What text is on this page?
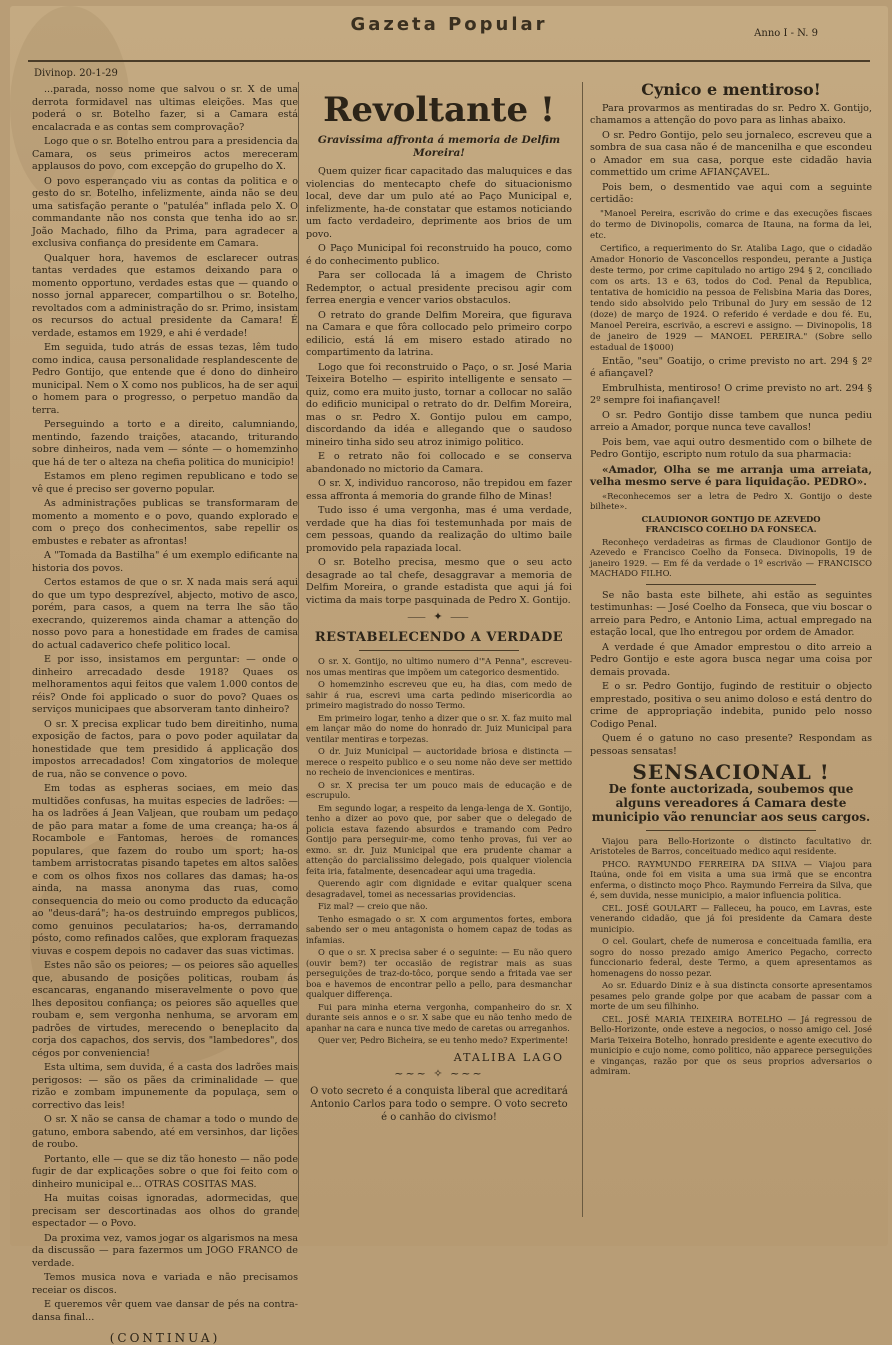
Gazeta Popular	Anno I - N. 9
Divinop. 20-1-29

...parada, nosso nome que salvou o sr. X de uma derrota formidavel nas ultimas eleições. Mas que poderá o sr. Botelho fazer, si a Camara está encalacrada e as contas sem comprovação?

Logo que o sr. Botelho entrou para a presidencia da Camara, os seus primeiros actos mereceram applausos do povo, com excepção do grupelho do X.

O povo esperançado viu as contas da politica e o gesto do sr. Botelho, infelizmente, ainda não se deu uma satisfação perante o "patuléa" inflada pelo X. O commandante não nos consta que tenha ido ao sr. João Machado, filho da Prima, para agradecer a exclusiva confiança do presidente em Camara.

Qualquer hora, havemos de esclarecer outras tantas verdades que estamos deixando para o momento opportuno, verdades estas que — quando o nosso jornal apparecer, compartilhou o sr. Botelho, revoltados com a administração do sr. Primo, insistam os recursos do actual presidente da Camara! É verdade, estamos em 1929, e ahi é verdade!

Em seguida, tudo atrás de essas tezas, lêm tudo como indica, causa personalidade resplandescente de Pedro Gontijo, que entende que é dono do dinheiro municipal. Nem o X como nos publicos, ha de ser aqui o homem para o progresso, o perpetuo mandão da terra.

Perseguindo a torto e a direito, calumniando, mentindo, fazendo traições, atacando, triturando sobre dinheiros, nada vem — sónte — o homemzinho que há de ter o alteza na chefia politica do municipio!

Estamos em pleno regimen republicano e todo se vê que é preciso ser governo popular.

As administrações publicas se transformaram de momento a momento e o povo, quando explorado e com o preço dos conhecimentos, sabe repellir os embustes e rebater as afrontas!

A "Tomada da Bastilha" é um exemplo edificante na historia dos povos.

Certos estamos de que o sr. X nada mais será aqui do que um typo desprezível, abjecto, motivo de asco, porém, para casos, a quem na terra lhe são tão execrando, quizeremos ainda chamar a attenção do nosso povo para a honestidade em frades de camisa do actual cadaverico chefe politico local.

E por isso, insistamos em perguntar: — onde o dinheiro arrecadado desde 1918? Quaes os melhoramentos aqui feitos que valem 1.000 contos de réis? Onde foi applicado o suor do povo? Quaes os serviços municipaes que absorveram tanto dinheiro?

O sr. X precisa explicar tudo bem direitinho, numa exposição de factos, para o povo poder aquilatar da honestidade que tem presidido á applicação dos impostos arrecadados! Com xingatorios de moleque de rua, não se convence o povo.

Em todas as espheras sociaes, em meio das multidões confusas, ha muitas especies de ladrões: — ha os ladrões á Jean Valjean, que roubam um pedaço de pão para matar a fome de uma creança; ha-os á Rocambole e Fantomas, heroes de romances populares, que fazem do roubo um sport; ha-os tambem arristocratas pisando tapetes em altos salões e com os olhos fixos nos collares das damas; ha-os ainda, na massa anonyma das ruas, como consequencia do meio ou como producto da educação ao "deus-dará"; ha-os destruindo empregos publicos, como genuinos peculatarios; ha-os, derramando pósto, como refinados calões, que exploram fraquezas viuvas e cospem depois no cadaver das suas victimas.

Estes não são os peiores; — os peiores são aquelles que, abusando de posições politicas, roubam ás escancaras, enganando miseravelmente o povo que lhes depositou confiança; os peiores são aquelles que roubam e, sem vergonha nenhuma, se arvoram em padrões de virtudes, merecendo o beneplacito da corja dos capachos, dos servis, dos "lambedores", dos cégos por conveniencia!

Esta ultima, sem duvida, é a casta dos ladrões mais perigosos: — são os pães da criminalidade — que rizão e zombam impunemente da populaça, sem o correctivo das leis!

O sr. X não se cansa de chamar a todo o mundo de gatuno, embora sabendo, até em versinhos, dar lições de roubo.

Portanto, elle — que se diz tão honesto — não pode fugir de dar explicações sobre o que foi feito com o dinheiro municipal e... OTRAS COSITAS MAS.

Ha muitas coisas ignoradas, adormecidas, que precisam ser descortinadas aos olhos do grande espectador — o Povo.

Da proxima vez, vamos jogar os algarismos na mesa da discussão — para fazermos um JOGO FRANCO de verdade.

Temos musica nova e variada e não precisamos receiar os discos.

E queremos vêr quem vae dansar de pés na contra-dansa final...

(CONTINUA)
Revoltante !
Gravissima affronta á memoria de Delfim Moreira!

Quem quizer ficar capacitado das maluquices e das violencias do mentecapto chefe do situacionismo local, deve dar um pulo até ao Paço Municipal e, infelizmente, ha-de constatar que estamos noticiando um facto verdadeiro, deprimente aos brios de um povo.

O Paço Municipal foi reconstruido ha pouco, como é do conhecimento publico.

Para ser collocada lá a imagem de Christo Redemptor, o actual presidente precisou agir com ferrea energia e vencer varios obstaculos.

O retrato do grande Delfim Moreira, que figurava na Camara e que fôra collocado pelo primeiro corpo edilicio, está lá em misero estado atirado no compartimento da latrina.

Logo que foi reconstruido o Paço, o sr. José Maria Teixeira Botelho — espirito intelligente e sensato — quiz, como era muito justo, tornar a collocar no salão do edificio municipal o retrato do dr. Delfim Moreira, mas o sr. Pedro X. Gontijo pulou em campo, discordando da idéa e allegando que o saudoso mineiro tinha sido seu atroz inimigo politico.

E o retrato não foi collocado e se conserva abandonado no mictorio da Camara.

O sr. X, individuo rancoroso, não trepidou em fazer essa affronta á memoria do grande filho de Minas!

Tudo isso é uma vergonha, mas é uma verdade, verdade que ha dias foi testemunhada por mais de cem pessoas, quando da realização do ultimo baile promovido pela rapaziada local.

O sr. Botelho precisa, mesmo que o seu acto desagrade ao tal chefe, desaggravar a memoria de Delfim Moreira, o grande estadista que aqui já foi victima da mais torpe pasquinada de Pedro X. Gontijo.

⸺ ✦ ⸺
RESTABELECENDO A VERDADE

O sr. X. Gontijo, no ultimo numero d'"A Penna", escreveu-nos umas mentiras que impõem um categorico desmentido.

O homemzinho escreveu que eu, ha dias, com medo de sahir á rua, escrevi uma carta pedindo misericordia ao primeiro magistrado do nosso Termo.

Em primeiro logar, tenho a dizer que o sr. X. faz muito mal em lançar mão do nome do honrado dr. Juiz Municipal para ventilar mentiras e torpezas.

O dr. Juiz Municipal — auctoridade briosa e distincta — merece o respeito publico e o seu nome não deve ser mettido no recheio de invencionices e mentiras.

O sr. X precisa ter um pouco mais de educação e de escrupulo.

Em segundo logar, a respeito da lenga-lenga de X. Gontijo, tenho a dizer ao povo que, por saber que o delegado de policia estava fazendo absurdos e tramando com Pedro Gontijo para perseguir-me, como tenho provas, fui ver ao exmo. sr. dr. Juiz Municipal que era prudente chamar a attenção do parcialissimo delegado, pois qualquer violencia feita iria, fatalmente, desencadear aqui uma tragedia.

Querendo agir com dignidade e evitar qualquer scena desagradavel, tomei as necessarias providencias.

Fiz mal? — creio que não.

Tenho esmagado o sr. X com argumentos fortes, embora sabendo ser o meu antagonista o homem capaz de todas as infamias.

O que o sr. X precisa saber é o seguinte: — Eu não quero (ouvir bem?) ter occasião de registrar mais as suas perseguições de traz-do-tôco, porque sendo a fritada vae ser boa e havemos de encontrar pello a pello, para desmanchar qualquer differença.

Fui para minha eterna vergonha, companheiro do sr. X durante seis annos e o sr. X sabe que eu não tenho medo de apanhar na cara e nunca tive medo de caretas ou arreganhos.

Quer ver, Pedro Bicheira, se eu tenho medo? Experimente!

ATALIBA LAGO
~~~ ✧ ~~~

O voto secreto é a conquista liberal que acreditará Antonio Carlos para todo o sempre. O voto secreto é o canhão do civismo!

Cynico e mentiroso!

Para provarmos as mentiradas do sr. Pedro X. Gontijo, chamamos a attenção do povo para as linhas abaixo.

O sr. Pedro Gontijo, pelo seu jornaleco, escreveu que a sombra de sua casa não é de mancenilha e que escondeu o Amador em sua casa, porque este cidadão havia commettido um crime AFIANÇAVEL.

Pois bem, o desmentido vae aqui com a seguinte certidão:

"Manoel Pereira, escrivão do crime e das execuções fiscaes do termo de Divinopolis, comarca de Itauna, na forma da lei, etc.

Certifico, a requerimento do Sr. Ataliba Lago, que o cidadão Amador Honorio de Vasconcellos respondeu, perante a Justiça deste termo, por crime capitulado no artigo 294 § 2, conciliado com os arts. 13 e 63, todos do Cod. Penal da Republica, tentativa de homicidio na pessoa de Felisbina Maria das Dores, tendo sido absolvido pelo Tribunal do Jury em sessão de 12 (doze) de março de 1924. O referido é verdade e dou fé. Eu, Manoel Pereira, escrivão, a escrevi e assigno. — Divinopolis, 18 de janeiro de 1929 — MANOEL PEREIRA." (Sobre sello estadual de 1$000)

Então, "seu" Goatijo, o crime previsto no art. 294 § 2º é afiançavel?

Embrulhista, mentiroso! O crime previsto no art. 294 § 2º sempre foi inafiançavel!

O sr. Pedro Gontijo disse tambem que nunca pediu arreio a Amador, porque nunca teve cavallos!

Pois bem, vae aqui outro desmentido com o bilhete de Pedro Gontijo, escripto num rotulo da sua pharmacia:

«Amador, Olha se me arranja uma arreiata, velha mesmo serve é para liquidação. PEDRO».

«Reconhecemos ser a letra de Pedro X. Gontijo o deste bilhete».

CLAUDIONOR GONTIJO DE AZEVEDO
FRANCISCO COELHO DA FONSECA.

Reconheço verdadeiras as firmas de Claudionor Gontijo de Azevedo e Francisco Coelho da Fonseca. Divinopolis, 19 de janeiro 1929. — Em fé da verdade o 1º escrivão — FRANCISCO MACHADO FILHO.

Se não basta este bilhete, ahi estão as seguintes testimunhas: — José Coelho da Fonseca, que viu boscar o arreio para Pedro, e Antonio Lima, actual empregado na estação local, que lho entregou por ordem de Amador.

A verdade é que Amador emprestou o dito arreio a Pedro Gontijo e este agora busca negar uma coisa por demais provada.

E o sr. Pedro Gontijo, fugindo de restituir o objecto emprestado, positiva o seu animo doloso e está dentro do crime de appropriação indebita, punido pelo nosso Codigo Penal.

Quem é o gatuno no caso presente? Respondam as pessoas sensatas!

SENSACIONAL !
De fonte auctorizada, soubemos que alguns vereadores á Camara deste municipio vão renunciar aos seus cargos.

Viajou para Bello-Horizonte o distincto facultativo dr. Aristoteles de Barros, conceituado medico aqui residente.

PHCO. RAYMUNDO FERREIRA DA SILVA — Viajou para Itaúna, onde foi em visita a uma sua irmã que se encontra enferma, o distincto moço Phco. Raymundo Ferreira da Silva, que é, sem duvida, nesse municipio, a maior influencia politica.

CEL. JOSÉ GOULART — Falleceu, ha pouco, em Lavras, este venerando cidadão, que já foi presidente da Camara deste municipio.

O cel. Goulart, chefe de numerosa e conceituada familia, era sogro do nosso prezado amigo Americo Pegacho, correcto funccionario federal, deste Termo, a quem apresentamos as homenagens do nosso pezar.

Ao sr. Eduardo Diniz e à sua distincta consorte apresentamos pesames pelo grande golpe por que acabam de passar com a morte de um seu filhinho.

CEL. JOSÉ MARIA TEIXEIRA BOTELHO — Já regressou de Bello-Horizonte, onde esteve a negocios, o nosso amigo cel. José Maria Teixeira Botelho, honrado presidente e agente executivo do municipio e cujo nome, como politico, não apparece perseguições e vinganças, razão por que os seus proprios adversarios o admiram.
